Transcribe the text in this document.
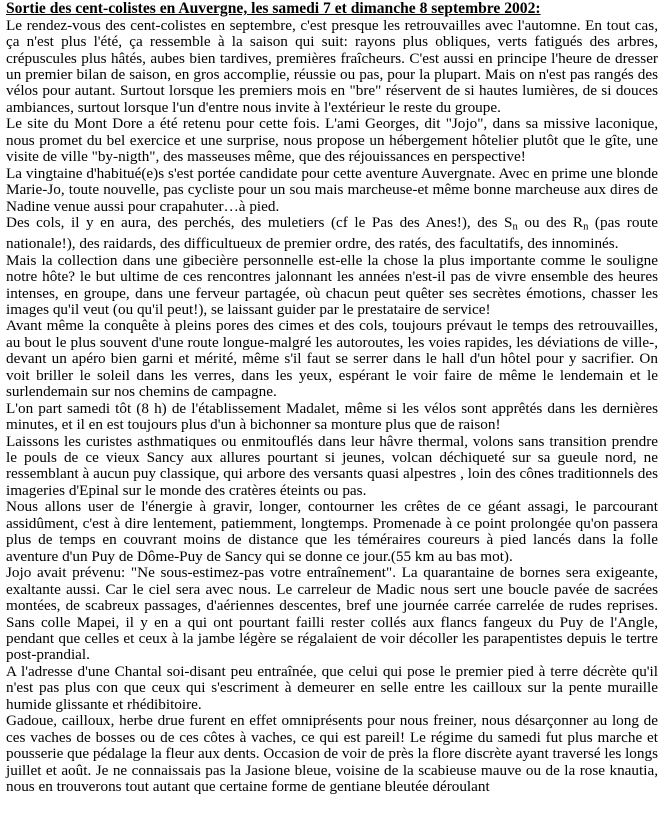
Sortie des cent-colistes en Auvergne, les samedi 7 et dimanche 8 septembre 2002:

Le rendez-vous des cent-colistes en septembre, c'est presque les retrouvailles avec l'automne. En tout cas, ça n'est plus l'été, ça ressemble à la saison qui suit: rayons plus obliques, verts fatigués des arbres, crépuscules plus hâtés, aubes bien tardives, premières fraîcheurs. C'est aussi en principe l'heure de dresser un premier bilan de saison, en gros accomplie, réussie ou pas, pour la plupart. Mais on n'est pas rangés des vélos pour autant. Surtout lorsque les premiers mois en "bre" réservent de si hautes lumières, de si douces ambiances, surtout lorsque l'un d'entre nous invite à l'extérieur le reste du groupe.

Le site du Mont Dore a été retenu pour cette fois. L'ami Georges, dit "Jojo", dans sa missive laconique, nous promet du bel exercice et une surprise, nous propose un hébergement hôtelier plutôt que le gîte, une visite de ville "by-nigth", des masseuses même, que des réjouissances en perspective!

La vingtaine d'habitué(e)s s'est portée candidate pour cette aventure Auvergnate. Avec en prime une blonde Marie-Jo, toute nouvelle, pas cycliste pour un sou mais marcheuse-et même bonne marcheuse aux dires de Nadine venue aussi pour crapahuter…à pied.

Des cols, il y en aura, des perchés, des muletiers (cf le Pas des Anes!), des $S_n$ ou des $R_n$ (pas route nationale!), des raidards, des difficultueux de premier ordre, des ratés, des facultatifs, des innominés.

Mais la collection dans une gibecière personnelle est-elle la chose la plus importante comme le souligne notre hôte? le but ultime de ces rencontres jalonnant les années n'est-il pas de vivre ensemble des heures intenses, en groupe, dans une ferveur partagée, où chacun peut quêter ses secrètes émotions, chasser les images qu'il veut (ou qu'il peut!), se laissant guider par le prestataire de service!

Avant même la conquête à pleins pores des cimes et des cols, toujours prévaut le temps des retrouvailles, au bout le plus souvent d'une route longue-malgré les autoroutes, les voies rapides, les déviations de ville-, devant un apéro bien garni et mérité, même s'il faut se serrer dans le hall d'un hôtel pour y sacrifier. On voit briller le soleil dans les verres, dans les yeux, espérant le voir faire de même le lendemain et le surlendemain sur nos chemins de campagne.

L'on part samedi tôt (8 h) de l'établissement Madalet, même si les vélos sont apprêtés dans les dernières minutes, et il en est toujours plus d'un à bichonner sa monture plus que de raison!

Laissons les curistes asthmatiques ou enmitouflés dans leur hâvre thermal, volons sans transition prendre le pouls de ce vieux Sancy aux allures pourtant si jeunes, volcan déchiqueté sur sa gueule nord, ne ressemblant à aucun puy classique, qui arbore des versants quasi alpestres , loin des cônes traditionnels des imageries d'Epinal sur le monde des cratères éteints ou pas.

Nous allons user de l'énergie à gravir, longer, contourner les crêtes de ce géant assagi, le parcourant assidûment, c'est à dire lentement, patiemment, longtemps. Promenade à ce point prolongée qu'on passera plus de temps en couvrant moins de distance que les téméraires coureurs à pied lancés dans la folle aventure d'un Puy de Dôme-Puy de Sancy qui se donne ce jour.(55 km au bas mot).

Jojo avait prévenu: "Ne sous-estimez-pas votre entraînement". La quarantaine de bornes sera exigeante, exaltante aussi. Car le ciel sera avec nous. Le carreleur de Madic nous sert une boucle pavée de sacrées montées, de scabreux passages, d'aériennes descentes, bref une journée carrée carrelée de rudes reprises. Sans colle Mapei, il y en a qui ont pourtant failli rester collés aux flancs fangeux du Puy de l'Angle, pendant que celles et ceux à la jambe légère se régalaient de voir décoller les parapentistes depuis le tertre post-prandial.

A l'adresse d'une Chantal soi-disant peu entraînée, que celui qui pose le premier pied à terre décrète qu'il n'est pas plus con que ceux qui s'escriment à demeurer en selle entre les cailloux sur la pente muraille humide glissante et rhédibitoire.

Gadoue, cailloux, herbe drue furent en effet omniprésents pour nous freiner, nous désarçonner au long de ces vaches de bosses ou de ces côtes à vaches, ce qui est pareil! Le régime du samedi fut plus marche et pousserie que pédalage la fleur aux dents. Occasion de voir de près la flore discrète ayant traversé les longs juillet et août. Je ne connaissais pas la Jasione bleue, voisine de la scabieuse mauve ou de la rose knautia, nous en trouverons tout autant que certaine forme de gentiane bleutée déroulant
